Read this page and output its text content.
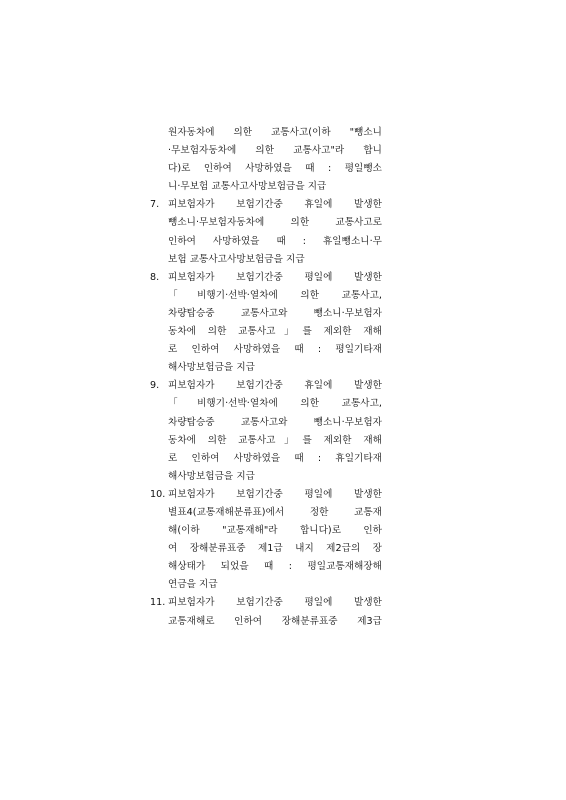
원자동차에 의한 교통사고(이하 "뺑소니
·무보험자동차에 의한 교통사고"라 합니
다)로 인하여 사망하였을 때 : 평일뺑소
니·무보험 교통사고사망보험금을 지급
7. 피보험자가 보험기간중 휴일에 발생한
뺑소니·무보험자동차에 의한 교통사고로
인하여 사망하였을 때 : 휴일뺑소니·무
보험 교통사고사망보험금을 지급
8. 피보험자가 보험기간중 평일에 발생한
「비행기·선박·열차에 의한 교통사고,
차량탑승중 교통사고와 뺑소니·무보험자
동차에 의한 교통사고」를 제외한 재해
로 인하여 사망하였을 때 : 평일기타재
해사망보험금을 지급
9. 피보험자가 보험기간중 휴일에 발생한
「비행기·선박·열차에 의한 교통사고,
차량탑승중 교통사고와 뺑소니·무보험자
동차에 의한 교통사고」를 제외한 재해
로 인하여 사망하였을 때 : 휴일기타재
해사망보험금을 지급
10. 피보험자가 보험기간중 평일에 발생한
별표4(교통재해분류표)에서 정한 교통재
해(이하 "교통재해"라 합니다)로 인하
여 장해분류표중 제1급 내지 제2급의 장
해상태가 되었을 때 : 평일교통재해장해
연금을 지급
11. 피보험자가 보험기간중 평일에 발생한
교통재해로 인하여 장해분류표중 제3급
